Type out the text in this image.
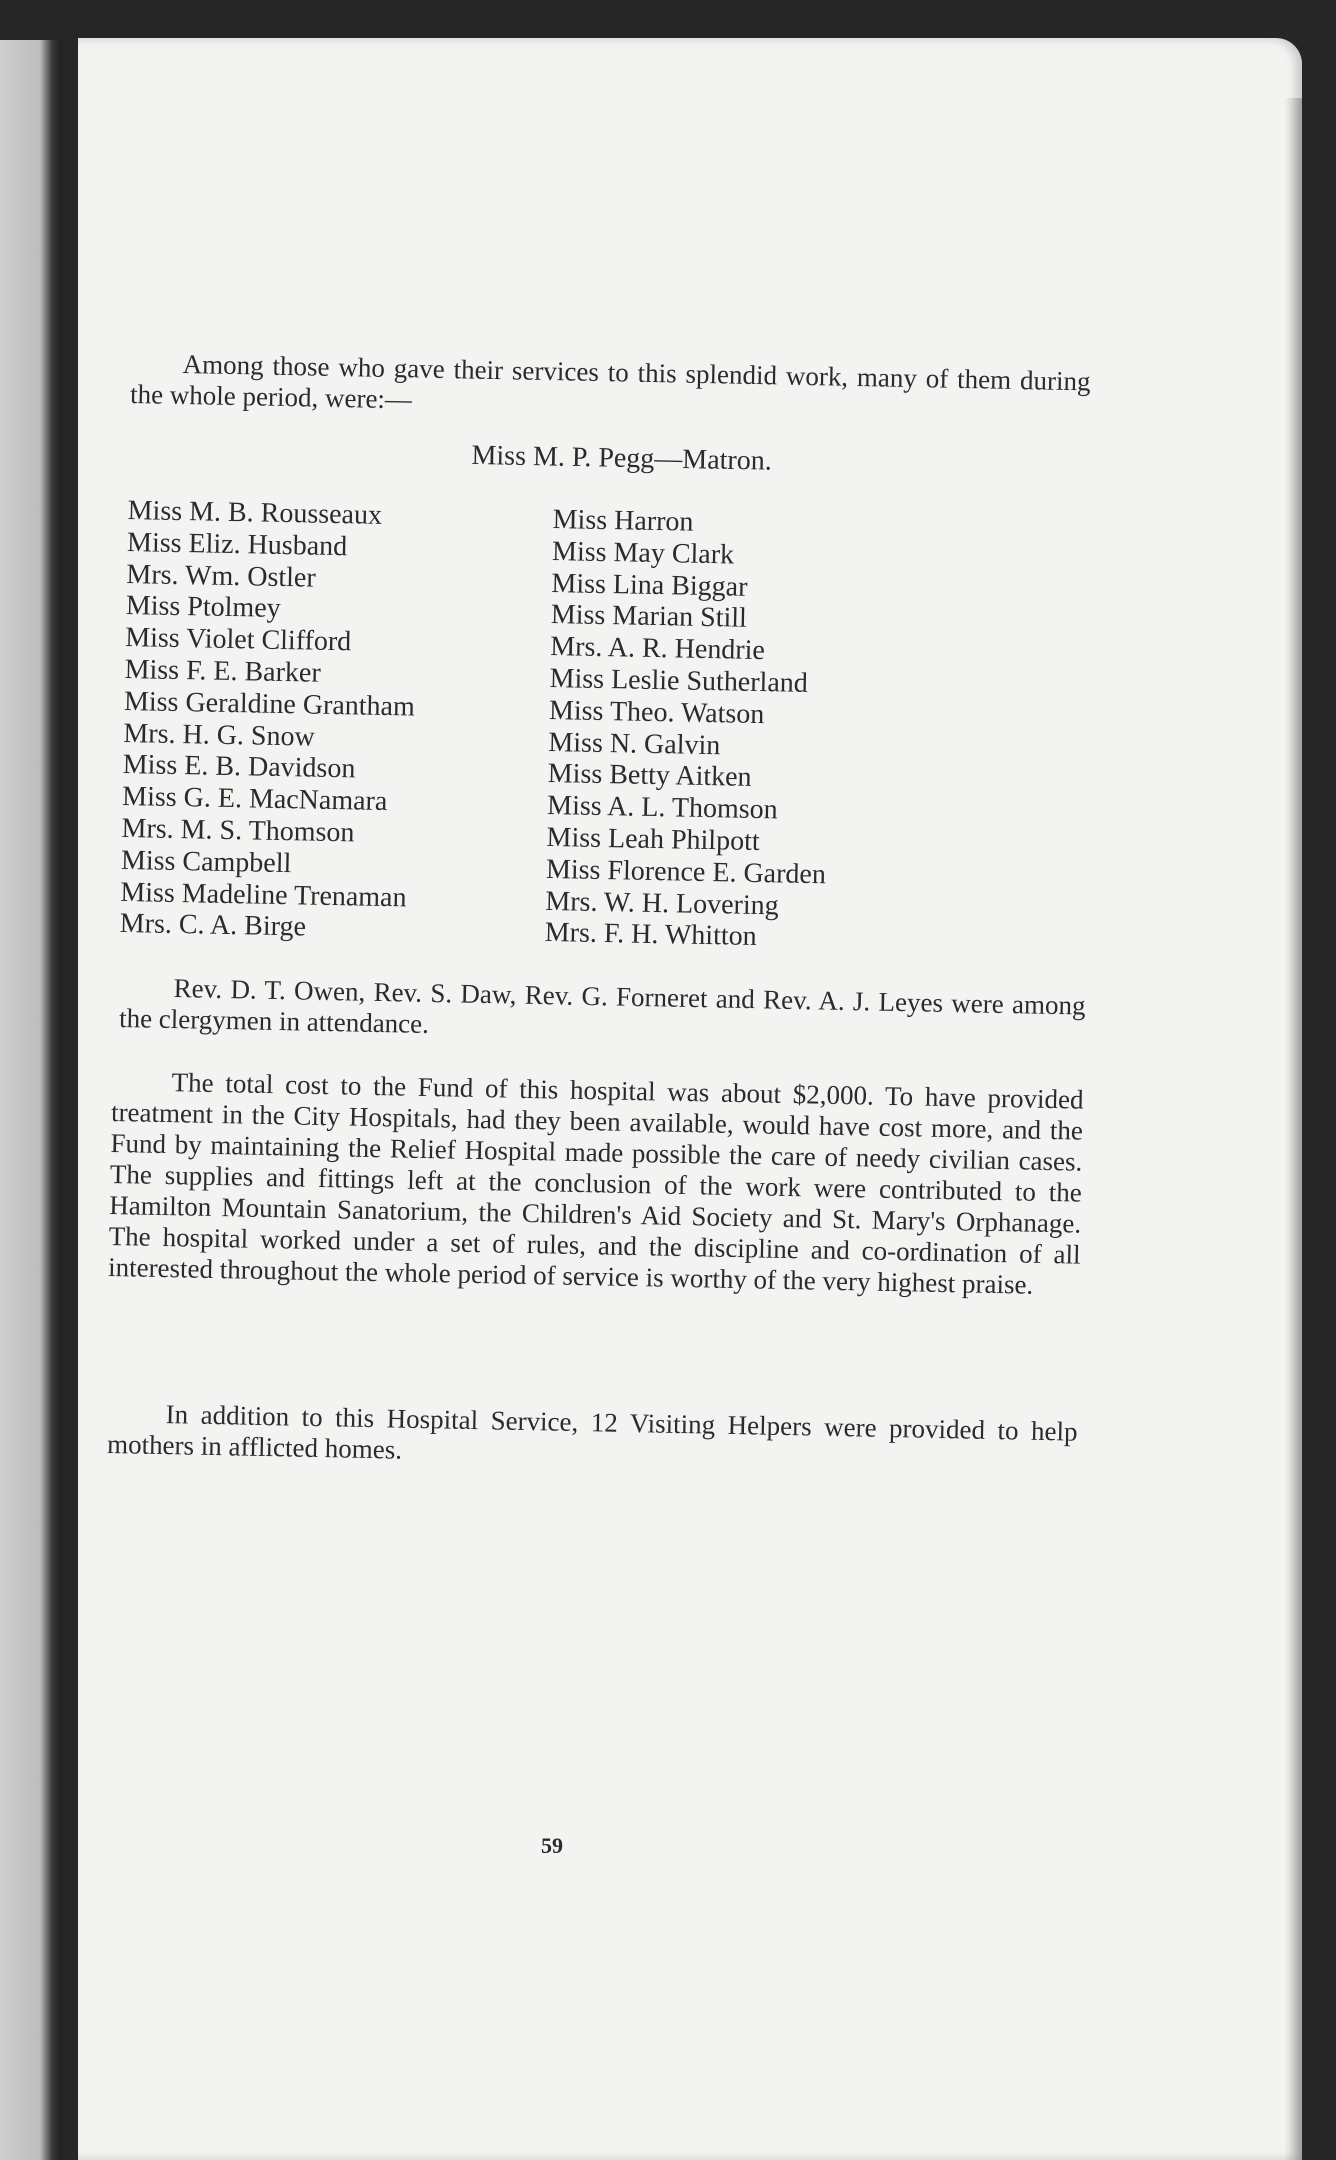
Among those who gave their services to this splendid work, many of them during the whole period, were:—

Miss M. P. Pegg—Matron.
Miss M. B. Rousseaux
Miss Eliz. Husband
Mrs. Wm. Ostler
Miss Ptolmey
Miss Violet Clifford
Miss F. E. Barker
Miss Geraldine Grantham
Mrs. H. G. Snow
Miss E. B. Davidson
Miss G. E. MacNamara
Mrs. M. S. Thomson
Miss Campbell
Miss Madeline Trenaman
Mrs. C. A. Birge
Miss Harron
Miss May Clark
Miss Lina Biggar
Miss Marian Still
Mrs. A. R. Hendrie
Miss Leslie Sutherland
Miss Theo. Watson
Miss N. Galvin
Miss Betty Aitken
Miss A. L. Thomson
Miss Leah Philpott
Miss Florence E. Garden
Mrs. W. H. Lovering
Mrs. F. H. Whitton

Rev. D. T. Owen, Rev. S. Daw, Rev. G. Forneret and Rev. A. J. Leyes were among the clergymen in attendance.

The total cost to the Fund of this hospital was about $2,000. To have provided treatment in the City Hospitals, had they been available, would have cost more, and the Fund by maintaining the Relief Hospital made possible the care of needy civilian cases. The supplies and fittings left at the conclusion of the work were contributed to the Hamilton Mountain Sanatorium, the Children's Aid Society and St. Mary's Orphanage. The hospital worked under a set of rules, and the discipline and co-ordination of all interested throughout the whole period of service is worthy of the very highest praise.

In addition to this Hospital Service, 12 Visiting Helpers were provided to help mothers in afflicted homes.

59
